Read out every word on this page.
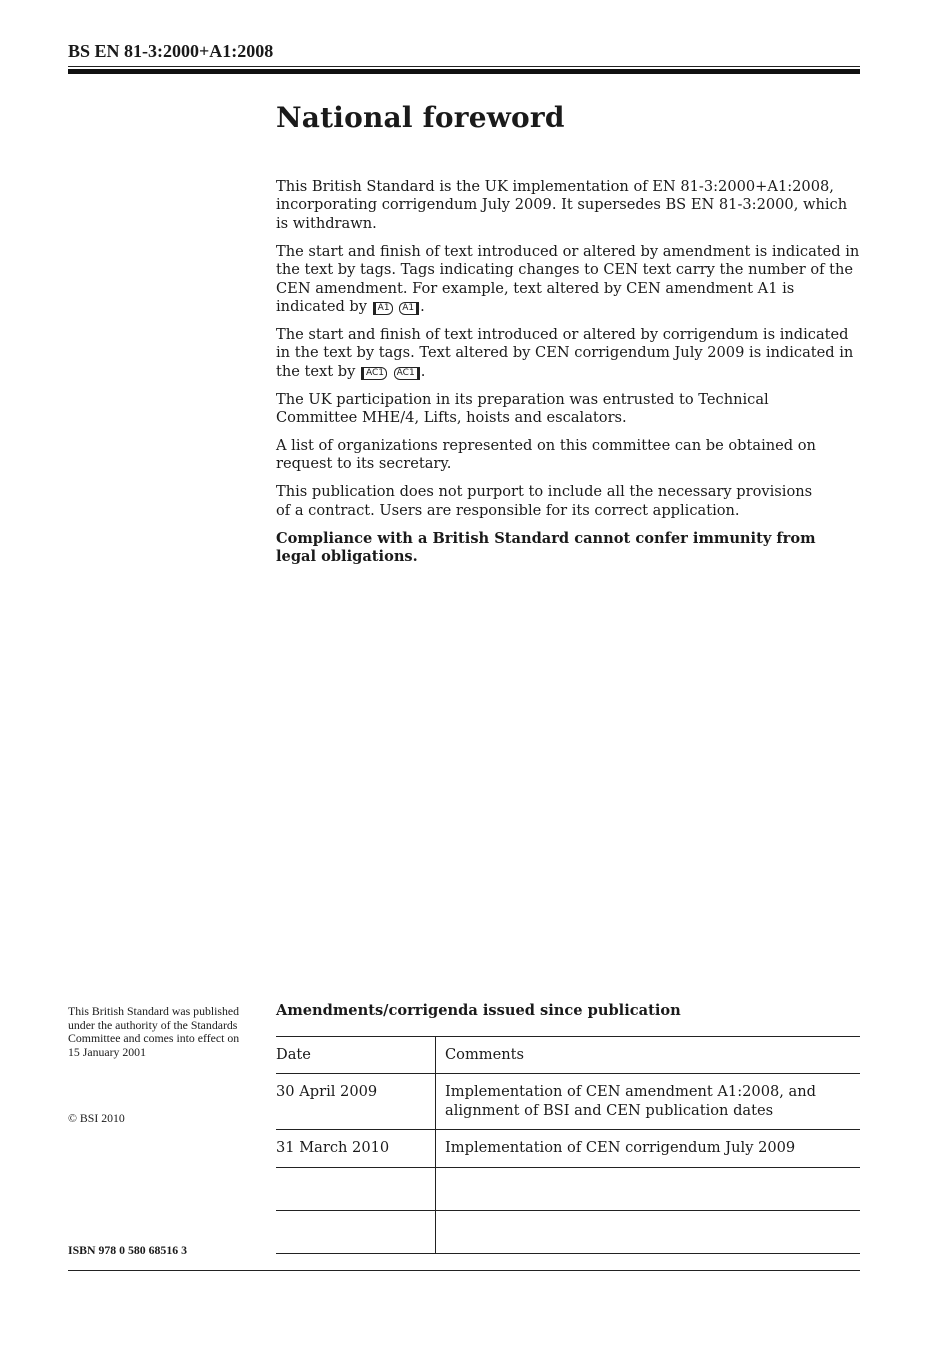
BS EN 81-3:2000+A1:2008
National foreword

This British Standard is the UK implementation of EN 81-3:2000+A1:2008, incorporating corrigendum July 2009. It supersedes BS EN 81-3:2000, which is withdrawn.

The start and finish of text introduced or altered by amendment is indicated in the text by tags. Tags indicating changes to CEN text carry the number of the CEN amendment. For example, text altered by CEN amendment A1 is indicated by A1 A1 .

The start and finish of text introduced or altered by corrigendum is indicated in the text by tags. Text altered by CEN corrigendum July 2009 is indicated in the text by AC1 AC1 .

The UK participation in its preparation was entrusted to Technical Committee MHE/4, Lifts, hoists and escalators.

A list of organizations represented on this committee can be obtained on request to its secretary.

This publication does not purport to include all the necessary provisions of a contract. Users are responsible for its correct application.

Compliance with a British Standard cannot confer immunity from legal obligations.

This British Standard was published under the authority of the Standards Committee and comes into effect on 15 January 2001
© BSI 2010
ISBN 978 0 580 68516 3
Amendments/corrigenda issued since publication
Date	Comments
30 April 2009	Implementation of CEN amendment A1:2008, and alignment of BSI and CEN publication dates
31 March 2010	Implementation of CEN corrigendum July 2009
